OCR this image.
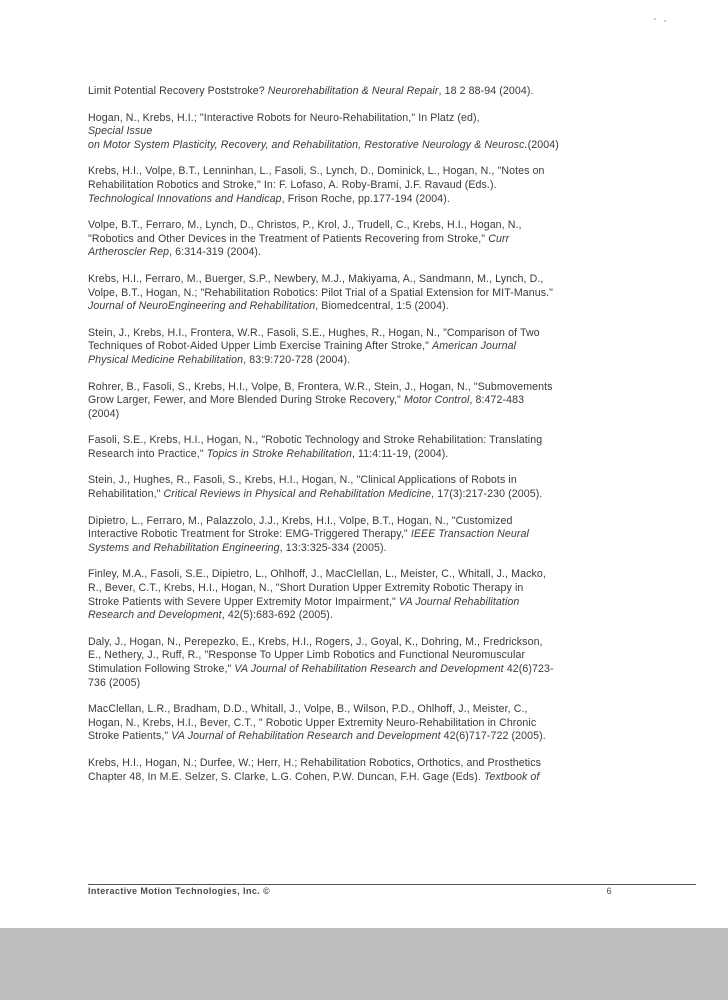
Limit Potential Recovery Poststroke? Neurorehabilitation & Neural Repair, 18 2 88-94 (2004).
Hogan, N., Krebs, H.I.; "Interactive Robots for Neuro-Rehabilitation," In Platz (ed),
Special Issue
on Motor System Plasticity, Recovery, and Rehabilitation, Restorative Neurology & Neurosc.(2004)
Krebs, H.I., Volpe, B.T., Lenninhan, L., Fasoli, S., Lynch, D., Dominick, L., Hogan, N., "Notes on
Rehabilitation Robotics and Stroke," In: F. Lofaso, A. Roby-Brami, J.F. Ravaud (Eds.).
Technological Innovations and Handicap, Frison Roche, pp.177-194 (2004).
Volpe, B.T., Ferraro, M., Lynch, D., Christos, P., Krol, J., Trudell, C., Krebs, H.I., Hogan, N.,
"Robotics and Other Devices in the Treatment of Patients Recovering from Stroke," Curr
Artheroscler Rep, 6:314-319 (2004).
Krebs, H.I., Ferraro, M., Buerger, S.P., Newbery, M.J., Makiyama, A., Sandmann, M., Lynch, D.,
Volpe, B.T., Hogan, N.; "Rehabilitation Robotics: Pilot Trial of a Spatial Extension for MIT-Manus."
Journal of NeuroEngineering and Rehabilitation, Biomedcentral, 1:5 (2004).
Stein, J., Krebs, H.I., Frontera, W.R., Fasoli, S.E., Hughes, R., Hogan, N., "Comparison of Two
Techniques of Robot-Aided Upper Limb Exercise Training After Stroke," American Journal
Physical Medicine Rehabilitation, 83:9:720-728 (2004).
Rohrer, B., Fasoli, S., Krebs, H.I., Volpe, B, Frontera, W.R., Stein, J., Hogan, N., "Submovements
Grow Larger, Fewer, and More Blended During Stroke Recovery," Motor Control, 8:472-483
(2004)
Fasoli, S.E., Krebs, H.I., Hogan, N., "Robotic Technology and Stroke Rehabilitation: Translating
Research into Practice," Topics in Stroke Rehabilitation, 11:4:11-19, (2004).
Stein, J., Hughes, R., Fasoli, S., Krebs, H.I., Hogan, N., "Clinical Applications of Robots in
Rehabilitation," Critical Reviews in Physical and Rehabilitation Medicine, 17(3):217-230 (2005).
Dipietro, L., Ferraro, M., Palazzolo, J.J., Krebs, H.I., Volpe, B.T., Hogan, N., "Customized
Interactive Robotic Treatment for Stroke: EMG-Triggered Therapy," IEEE Transaction Neural
Systems and Rehabilitation Engineering, 13:3:325-334 (2005).
Finley, M.A., Fasoli, S.E., Dipietro, L., Ohlhoff, J., MacClellan, L., Meister, C., Whitall, J., Macko,
R., Bever, C.T., Krebs, H.I., Hogan, N., "Short Duration Upper Extremity Robotic Therapy in
Stroke Patients with Severe Upper Extremity Motor Impairment," VA Journal Rehabilitation
Research and Development, 42(5):683-692 (2005).
Daly, J., Hogan, N., Perepezko, E., Krebs, H.I., Rogers, J., Goyal, K., Dohring, M., Fredrickson,
E., Nethery, J., Ruff, R., "Response To Upper Limb Robotics and Functional Neuromuscular
Stimulation Following Stroke," VA Journal of Rehabilitation Research and Development 42(6)723-
736 (2005)
MacClellan, L.R., Bradham, D.D., Whitall, J., Volpe, B., Wilson, P.D., Ohlhoff, J., Meister, C.,
Hogan, N., Krebs, H.I., Bever, C.T., " Robotic Upper Extremity Neuro-Rehabilitation in Chronic
Stroke Patients," VA Journal of Rehabilitation Research and Development 42(6)717-722 (2005).
Krebs, H.I., Hogan, N.; Durfee, W.; Herr, H.; Rehabilitation Robotics, Orthotics, and Prosthetics
Chapter 48, In M.E. Selzer, S. Clarke, L.G. Cohen, P.W. Duncan, F.H. Gage (Eds). Textbook of
Interactive Motion Technologies, Inc. ©	6
